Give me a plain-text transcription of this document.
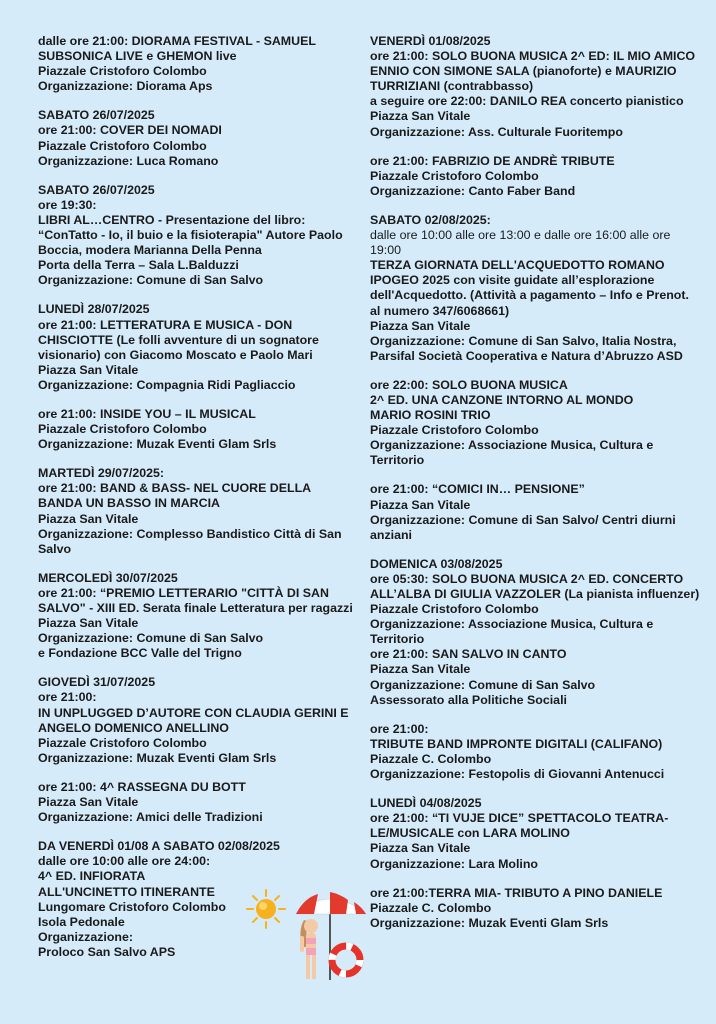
dalle ore 21:00: DIORAMA FESTIVAL - SAMUEL SUBSONICA LIVE e GHEMON live
Piazzale Cristoforo Colombo
Organizzazione: Diorama Aps
SABATO 26/07/2025
ore 21:00: COVER DEI NOMADI
Piazzale Cristoforo Colombo
Organizzazione: Luca Romano
SABATO 26/07/2025
ore 19:30:
LIBRI AL…CENTRO - Presentazione del libro: “ConTatto - Io, il buio e la fisioterapia" Autore Paolo Boccia, modera Marianna Della Penna
Porta della Terra – Sala L.Balduzzi
Organizzazione: Comune di San Salvo
LUNEDÌ 28/07/2025
ore 21:00: LETTERATURA E MUSICA - DON CHISCIOTTE (Le folli avventure di un sognatore visionario) con Giacomo Moscato e Paolo Mari
Piazza San Vitale
Organizzazione: Compagnia Ridi Pagliaccio
ore 21:00: INSIDE YOU – IL MUSICAL
Piazzale Cristoforo Colombo
Organizzazione: Muzak Eventi Glam Srls
MARTEDÌ 29/07/2025:
ore 21:00: BAND & BASS- NEL CUORE DELLA BANDA UN BASSO IN MARCIA
Piazza San Vitale
Organizzazione: Complesso Bandistico Città di San Salvo
MERCOLEDÌ 30/07/2025
ore 21:00: “PREMIO LETTERARIO "CITTÀ DI SAN SALVO" - XIII ED. Serata finale Letteratura per ragazzi
Piazza San Vitale
Organizzazione: Comune di San Salvo
e Fondazione BCC Valle del Trigno
GIOVEDÌ 31/07/2025
ore 21:00:
IN UNPLUGGED D’AUTORE CON CLAUDIA GERINI E ANGELO DOMENICO ANELLINO
Piazzale Cristoforo Colombo
Organizzazione: Muzak Eventi Glam Srls
ore 21:00: 4^ RASSEGNA DU BOTT
Piazza San Vitale
Organizzazione: Amici delle Tradizioni
DA VENERDÌ 01/08 A SABATO 02/08/2025
dalle ore 10:00 alle ore 24:00:
4^ ED. INFIORATA
ALL'UNCINETTO ITINERANTE
Lungomare Cristoforo Colombo
Isola Pedonale
Organizzazione:
Proloco San Salvo APS
VENERDÌ 01/08/2025
ore 21:00: SOLO BUONA MUSICA 2^ ED: IL MIO AMICO ENNIO CON SIMONE SALA (pianoforte) e MAURIZIO TURRIZIANI (contrabbasso)
a seguire ore 22:00: DANILO REA concerto pianistico
Piazza San Vitale
Organizzazione: Ass. Culturale Fuoritempo
ore 21:00: FABRIZIO DE ANDRÈ TRIBUTE
Piazzale Cristoforo Colombo
Organizzazione: Canto Faber Band
SABATO 02/08/2025:
dalle ore 10:00 alle ore 13:00 e dalle ore 16:00 alle ore 19:00
TERZA GIORNATA DELL'ACQUEDOTTO ROMANO IPOGEO 2025 con visite guidate all’esplorazione dell'Acquedotto. (Attività a pagamento – Info e Prenot. al numero 347/6068661)
Piazza San Vitale
Organizzazione: Comune di San Salvo, Italia Nostra, Parsifal Società Cooperativa e Natura d’Abruzzo ASD
ore 22:00: SOLO BUONA MUSICA
2^ ED. UNA CANZONE INTORNO AL MONDO
MARIO ROSINI TRIO
Piazzale Cristoforo Colombo
Organizzazione: Associazione Musica, Cultura e Territorio
ore 21:00: “COMICI IN… PENSIONE”
Piazza San Vitale
Organizzazione: Comune di San Salvo/ Centri diurni anziani
DOMENICA 03/08/2025
ore 05:30: SOLO BUONA MUSICA 2^ ED. CONCERTO ALL’ALBA DI GIULIA VAZZOLER (La pianista influenzer)
Piazzale Cristoforo Colombo
Organizzazione: Associazione Musica, Cultura e Territorio
ore 21:00: SAN SALVO IN CANTO
Piazza San Vitale
Organizzazione: Comune di San Salvo
Assessorato alla Politiche Sociali
ore 21:00:
TRIBUTE BAND IMPRONTE DIGITALI (CALIFANO)
Piazzale C. Colombo
Organizzazione: Festopolis di Giovanni Antenucci
LUNEDÌ 04/08/2025
ore 21:00: “TI VUJE DICE” SPETTACOLO TEATRA-LE/MUSICALE con LARA MOLINO
Piazza San Vitale
Organizzazione: Lara Molino
ore 21:00:TERRA MIA- TRIBUTO A PINO DANIELE
Piazzale C. Colombo
Organizzazione: Muzak Eventi Glam Srls
